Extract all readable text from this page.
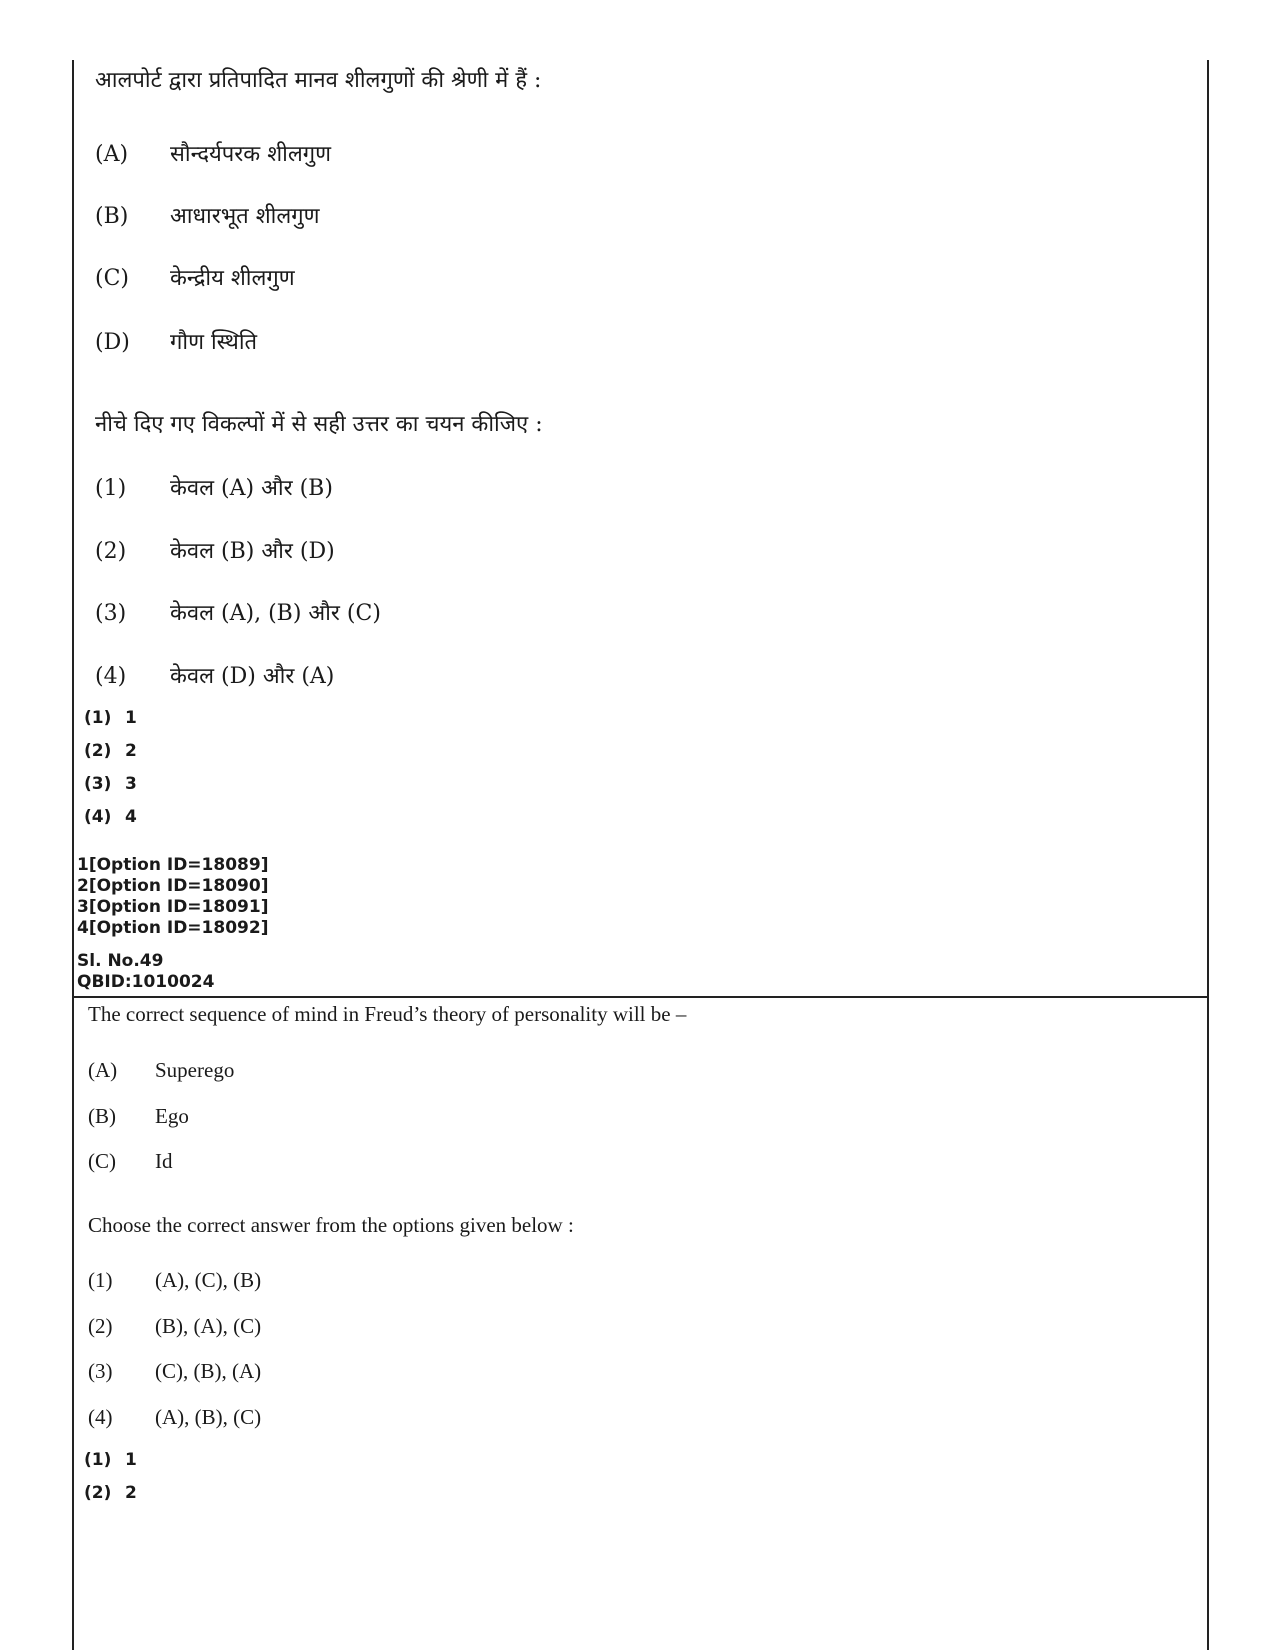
आलपोर्ट द्वारा प्रतिपादित मानव शीलगुणों की श्रेणी में हैं :
(A) सौन्दर्यपरक शीलगुण
(B) आधारभूत शीलगुण
(C) केन्द्रीय शीलगुण
(D) गौण स्थिति
नीचे दिए गए विकल्पों में से सही उत्तर का चयन कीजिए :
(1) केवल (A) और (B)
(2) केवल (B) और (D)
(3) केवल (A), (B) और (C)
(4) केवल (D) और (A)
(1) 1
(2) 2
(3) 3
(4) 4
1[Option ID=18089]
2[Option ID=18090]
3[Option ID=18091]
4[Option ID=18092]
Sl. No.49
QBID:1010024
The correct sequence of mind in Freud’s theory of personality will be –
(A) Superego
(B) Ego
(C) Id
Choose the correct answer from the options given below :
(1) (A), (C), (B)
(2) (B), (A), (C)
(3) (C), (B), (A)
(4) (A), (B), (C)
(1) 1
(2) 2
